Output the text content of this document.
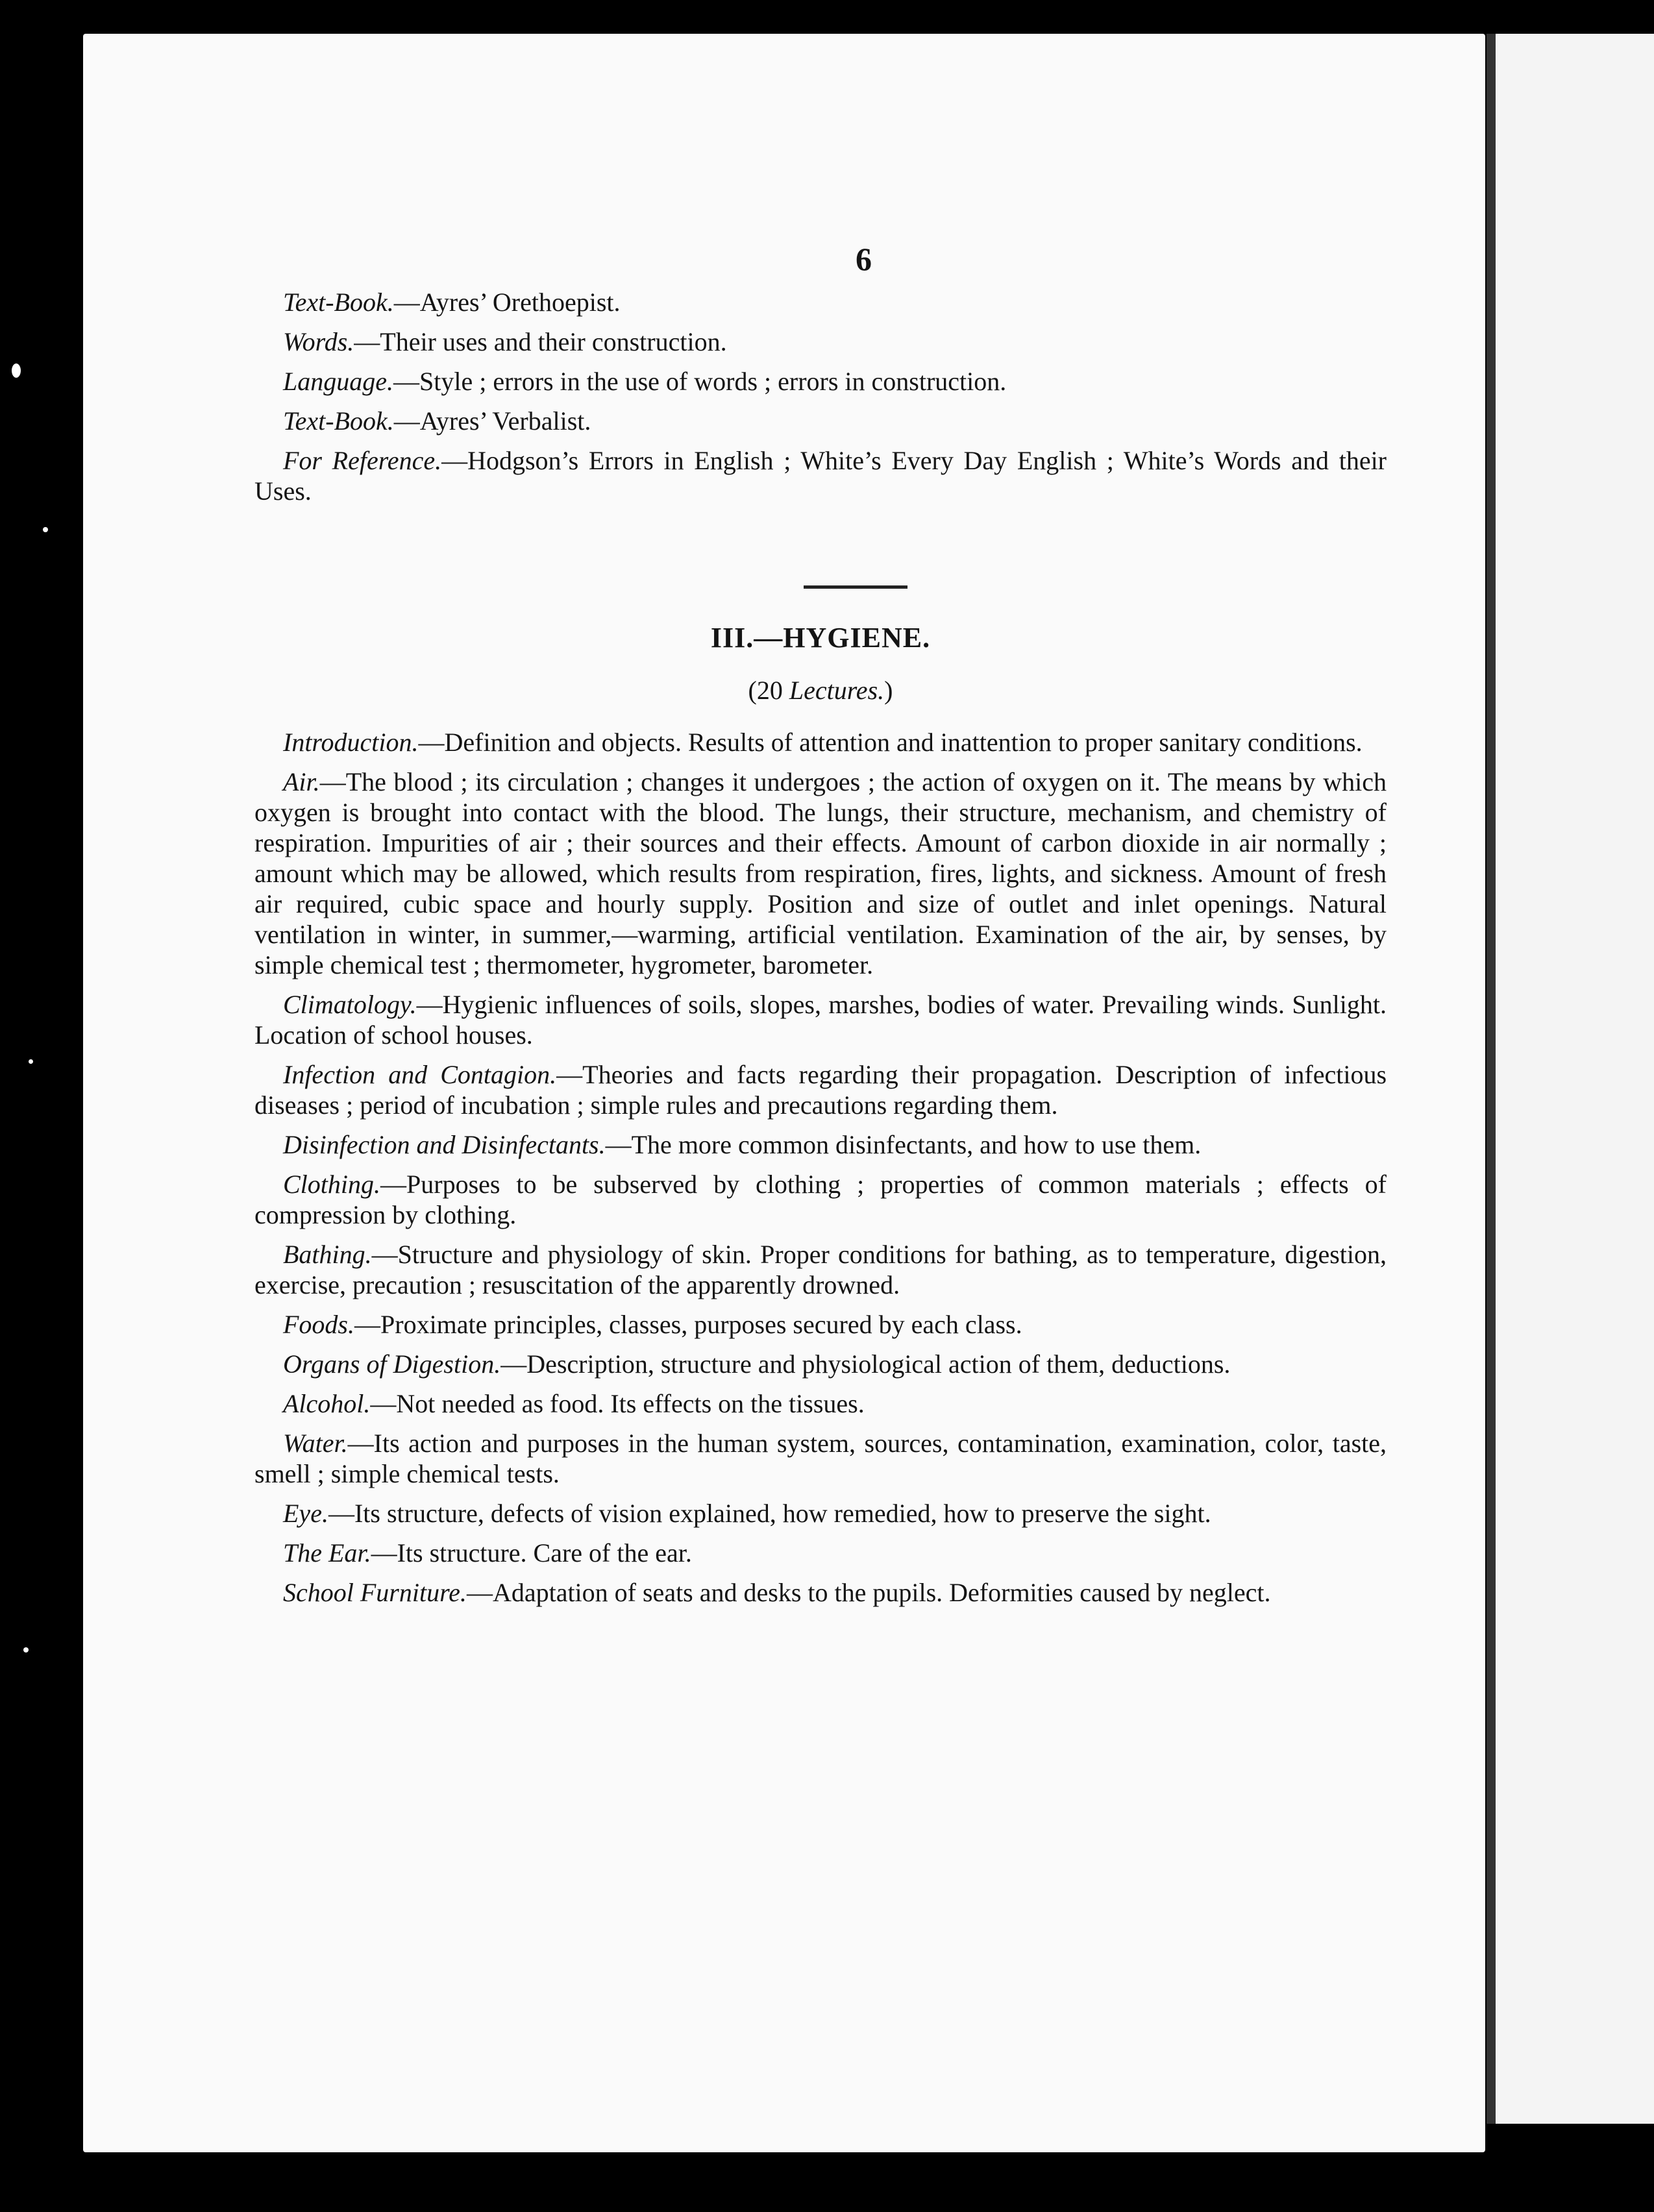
6

Text-Book.—Ayres’ Orethoepist.

Words.—Their uses and their construction.

Language.—Style ; errors in the use of words ; errors in construction.

Text-Book.—Ayres’ Verbalist.

For Reference.—Hodgson’s Errors in English ; White’s Every Day English ; White’s Words and their Uses.

III.—HYGIENE.
(20 Lectures.)

Introduction.—Definition and objects. Results of attention and inattention to proper sanitary conditions.

Air.—The blood ; its circulation ; changes it undergoes ; the action of oxygen on it. The means by which oxygen is brought into contact with the blood. The lungs, their structure, mechanism, and chemistry of respiration. Impurities of air ; their sources and their effects. Amount of carbon dioxide in air normally ; amount which may be allowed, which results from respiration, fires, lights, and sickness. Amount of fresh air required, cubic space and hourly supply. Position and size of outlet and inlet openings. Natural ventilation in winter, in summer,—warming, artificial ventilation. Examination of the air, by senses, by simple chemical test ; thermometer, hygrometer, barometer.

Climatology.—Hygienic influences of soils, slopes, marshes, bodies of water. Prevailing winds. Sunlight. Location of school houses.

Infection and Contagion.—Theories and facts regarding their propagation. Description of infectious diseases ; period of incubation ; simple rules and precautions regarding them.

Disinfection and Disinfectants.—The more common disinfectants, and how to use them.

Clothing.—Purposes to be subserved by clothing ; properties of common materials ; effects of compression by clothing.

Bathing.—Structure and physiology of skin. Proper conditions for bathing, as to temperature, digestion, exercise, precaution ; resuscitation of the apparently drowned.

Foods.—Proximate principles, classes, purposes secured by each class.

Organs of Digestion.—Description, structure and physiological action of them, deductions.

Alcohol.—Not needed as food. Its effects on the tissues.

Water.—Its action and purposes in the human system, sources, contamination, examination, color, taste, smell ; simple chemical tests.

Eye.—Its structure, defects of vision explained, how remedied, how to preserve the sight.

The Ear.—Its structure. Care of the ear.

School Furniture.—Adaptation of seats and desks to the pupils. Deformities caused by neglect.
